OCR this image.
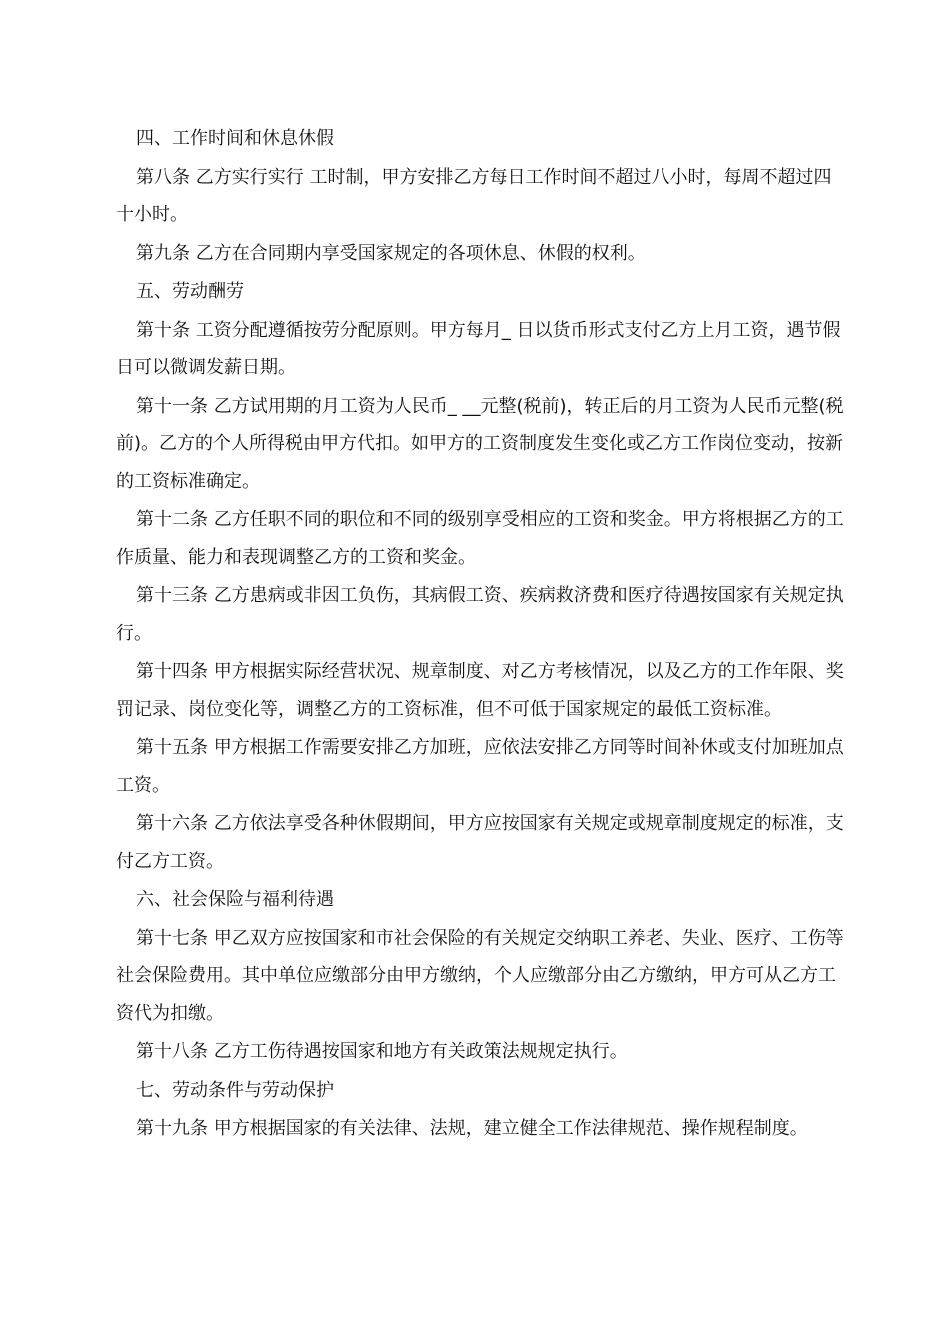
四、工作时间和休息休假

第八条 乙方实行实行 工时制，甲方安排乙方每日工作时间不超过八小时，每周不超过四十小时。

第九条 乙方在合同期内享受国家规定的各项休息、休假的权利。

五、劳动酬劳

第十条 工资分配遵循按劳分配原则。甲方每月_ 日以货币形式支付乙方上月工资，遇节假日可以微调发薪日期。

第十一条 乙方试用期的月工资为人民币_ __元整(税前)，转正后的月工资为人民币元整(税前)。乙方的个人所得税由甲方代扣。如甲方的工资制度发生变化或乙方工作岗位变动，按新的工资标准确定。

第十二条 乙方任职不同的职位和不同的级别享受相应的工资和奖金。甲方将根据乙方的工作质量、能力和表现调整乙方的工资和奖金。

第十三条 乙方患病或非因工负伤，其病假工资、疾病救济费和医疗待遇按国家有关规定执行。

第十四条 甲方根据实际经营状况、规章制度、对乙方考核情况，以及乙方的工作年限、奖罚记录、岗位变化等，调整乙方的工资标准，但不可低于国家规定的最低工资标准。

第十五条 甲方根据工作需要安排乙方加班，应依法安排乙方同等时间补休或支付加班加点工资。

第十六条 乙方依法享受各种休假期间，甲方应按国家有关规定或规章制度规定的标准，支付乙方工资。

六、社会保险与福利待遇

第十七条 甲乙双方应按国家和市社会保险的有关规定交纳职工养老、失业、医疗、工伤等社会保险费用。其中单位应缴部分由甲方缴纳，个人应缴部分由乙方缴纳，甲方可从乙方工资代为扣缴。

第十八条 乙方工伤待遇按国家和地方有关政策法规规定执行。

七、劳动条件与劳动保护

第十九条 甲方根据国家的有关法律、法规，建立健全工作法律规范、操作规程制度。
